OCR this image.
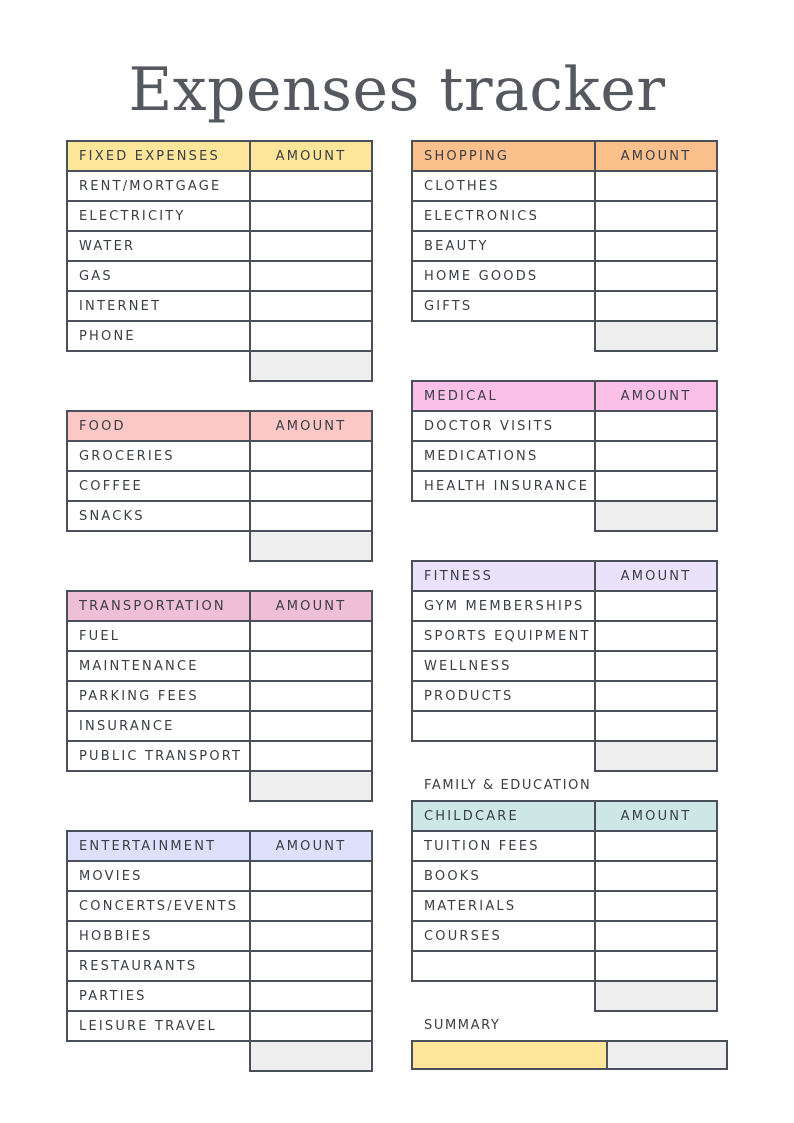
Expenses tracker
FIXED EXPENSES	AMOUNT
RENT/MORTGAGE	
ELECTRICITY	
WATER	
GAS	
INTERNET	
PHONE	

FOOD	AMOUNT
GROCERIES	
COFFEE	
SNACKS	

TRANSPORTATION	AMOUNT
FUEL	
MAINTENANCE	
PARKING FEES	
INSURANCE	
PUBLIC TRANSPORT	

ENTERTAINMENT	AMOUNT
MOVIES	
CONCERTS/EVENTS	
HOBBIES	
RESTAURANTS	
PARTIES	
LEISURE TRAVEL	

SHOPPING	AMOUNT
CLOTHES	
ELECTRONICS	
BEAUTY	
HOME GOODS	
GIFTS	

MEDICAL	AMOUNT
DOCTOR VISITS	
MEDICATIONS	
HEALTH INSURANCE	

FITNESS	AMOUNT
GYM MEMBERSHIPS	
SPORTS EQUIPMENT	
WELLNESS	
PRODUCTS	

FAMILY & EDUCATION
CHILDCARE	AMOUNT
TUITION FEES	
BOOKS	
MATERIALS	
COURSES	

SUMMARY
